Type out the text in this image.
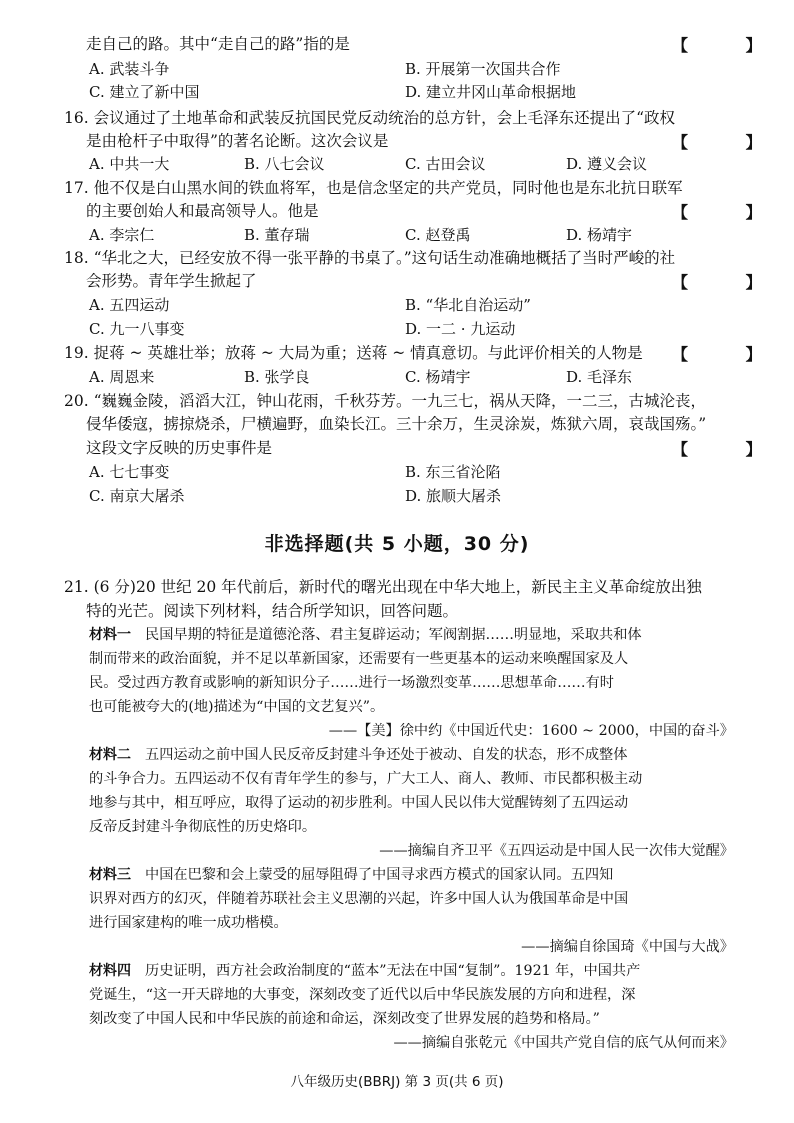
走自己的路。其中“走自己的路”指的是	【 】
A. 武装斗争	B. 开展第一次国共合作
C. 建立了新中国	D. 建立井冈山革命根据地
16. 会议通过了土地革命和武装反抗国民党反动统治的总方针，会上毛泽东还提出了“政权
是由枪杆子中取得”的著名论断。这次会议是	【 】
A. 中共一大	B. 八七会议	C. 古田会议	D. 遵义会议
17. 他不仅是白山黑水间的铁血将军，也是信念坚定的共产党员，同时他也是东北抗日联军
的主要创始人和最高领导人。他是	【 】
A. 李宗仁	B. 董存瑞	C. 赵登禹	D. 杨靖宇
18. “华北之大，已经安放不得一张平静的书桌了。”这句话生动准确地概括了当时严峻的社
会形势。青年学生掀起了	【 】
A. 五四运动	B. “华北自治运动”
C. 九一八事变	D. 一二 · 九运动
19. 捉蒋 ~ 英雄壮举；放蒋 ~ 大局为重；送蒋 ~ 情真意切。与此评价相关的人物是 【 】
A. 周恩来	B. 张学良	C. 杨靖宇	D. 毛泽东
20. “巍巍金陵，滔滔大江，钟山花雨，千秋芬芳。一九三七，祸从天降，一二三，古城沦丧，
侵华倭寇，掳掠烧杀，尸横遍野，血染长江。三十余万，生灵涂炭，炼狱六周，哀哉国殇。”
这段文字反映的历史事件是	【 】
A. 七七事变	B. 东三省沦陷
C. 南京大屠杀	D. 旅顺大屠杀
非选择题(共 5 小题，30 分)
21. (6 分)20 世纪 20 年代前后，新时代的曙光出现在中华大地上，新民主主义革命绽放出独
特的光芒。阅读下列材料，结合所学知识，回答问题。
材料一 民国早期的特征是道德沦落、君主复辟运动；军阀割据……明显地，采取共和体
制而带来的政治面貌，并不足以革新国家，还需要有一些更基本的运动来唤醒国家及人
民。受过西方教育或影响的新知识分子……进行一场激烈变革……思想革命……有时
也可能被夸大的(地)描述为“中国的文艺复兴”。
——【美】徐中约《中国近代史：1600 ~ 2000，中国的奋斗》
材料二 五四运动之前中国人民反帝反封建斗争还处于被动、自发的状态，形不成整体
的斗争合力。五四运动不仅有青年学生的参与，广大工人、商人、教师、市民都积极主动
地参与其中，相互呼应，取得了运动的初步胜利。中国人民以伟大觉醒铸刻了五四运动
反帝反封建斗争彻底性的历史烙印。
——摘编自齐卫平《五四运动是中国人民一次伟大觉醒》
材料三 中国在巴黎和会上蒙受的屈辱阻碍了中国寻求西方模式的国家认同。五四知
识界对西方的幻灭，伴随着苏联社会主义思潮的兴起，许多中国人认为俄国革命是中国
进行国家建构的唯一成功楷模。
——摘编自徐国琦《中国与大战》
材料四 历史证明，西方社会政治制度的“蓝本”无法在中国“复制”。1921 年，中国共产
党诞生，“这一开天辟地的大事变，深刻改变了近代以后中华民族发展的方向和进程，深
刻改变了中国人民和中华民族的前途和命运，深刻改变了世界发展的趋势和格局。”
——摘编自张乾元《中国共产党自信的底气从何而来》
八年级历史(BBRJ) 第 3 页(共 6 页)
